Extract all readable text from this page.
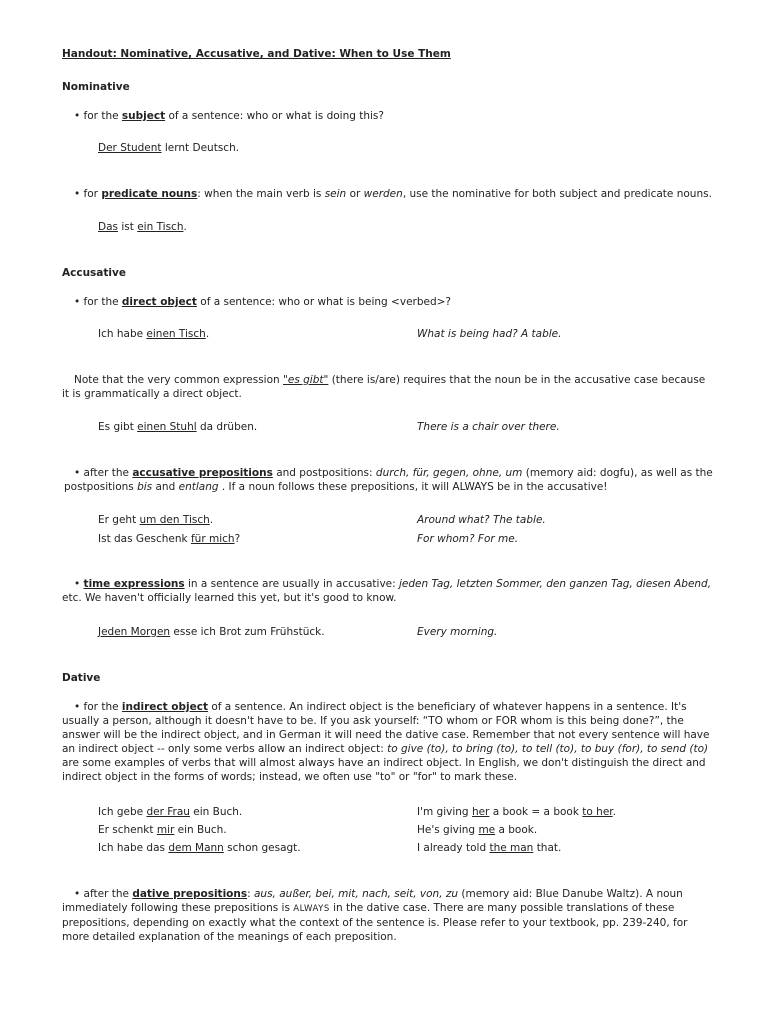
Handout: Nominative, Accusative, and Dative: When to Use Them
Nominative
• for the subject of a sentence: who or what is doing this?
Der Student lernt Deutsch.
• for predicate nouns: when the main verb is sein or werden, use the nominative for both subject and predicate nouns.
Das ist ein Tisch.
Accusative
• for the direct object of a sentence: who or what is being <verbed>?
Ich habe einen Tisch.	What is being had? A table.
Note that the very common expression "es gibt" (there is/are) requires that the noun be in the accusative case because it is grammatically a direct object.
Es gibt einen Stuhl da drüben.	There is a chair over there.
• after the accusative prepositions and postpositions: durch, für, gegen, ohne, um (memory aid: dogfu), as well as the postpositions bis and entlang . If a noun follows these prepositions, it will ALWAYS be in the accusative!
Er geht um den Tisch.	Around what? The table.
Ist das Geschenk für mich?	For whom? For me.
• time expressions in a sentence are usually in accusative: jeden Tag, letzten Sommer, den ganzen Tag, diesen Abend, etc. We haven't officially learned this yet, but it's good to know.
Jeden Morgen esse ich Brot zum Frühstück.	Every morning.
Dative
• for the indirect object of a sentence. An indirect object is the beneficiary of whatever happens in a sentence. It's usually a person, although it doesn't have to be. If you ask yourself: “TO whom or FOR whom is this being done?”, the answer will be the indirect object, and in German it will need the dative case. Remember that not every sentence will have an indirect object -- only some verbs allow an indirect object: to give (to), to bring (to), to tell (to), to buy (for), to send (to) are some examples of verbs that will almost always have an indirect object. In English, we don't distinguish the direct and indirect object in the forms of words; instead, we often use "to" or "for" to mark these.
Ich gebe der Frau ein Buch.	I'm giving her a book = a book to her.
Er schenkt mir ein Buch.	He's giving me a book.
Ich habe das dem Mann schon gesagt.	I already told the man that.
• after the dative prepositions: aus, außer, bei, mit, nach, seit, von, zu (memory aid: Blue Danube Waltz). A noun immediately following these prepositions is ALWAYS in the dative case. There are many possible translations of these prepositions, depending on exactly what the context of the sentence is. Please refer to your textbook, pp. 239-240, for more detailed explanation of the meanings of each preposition.
